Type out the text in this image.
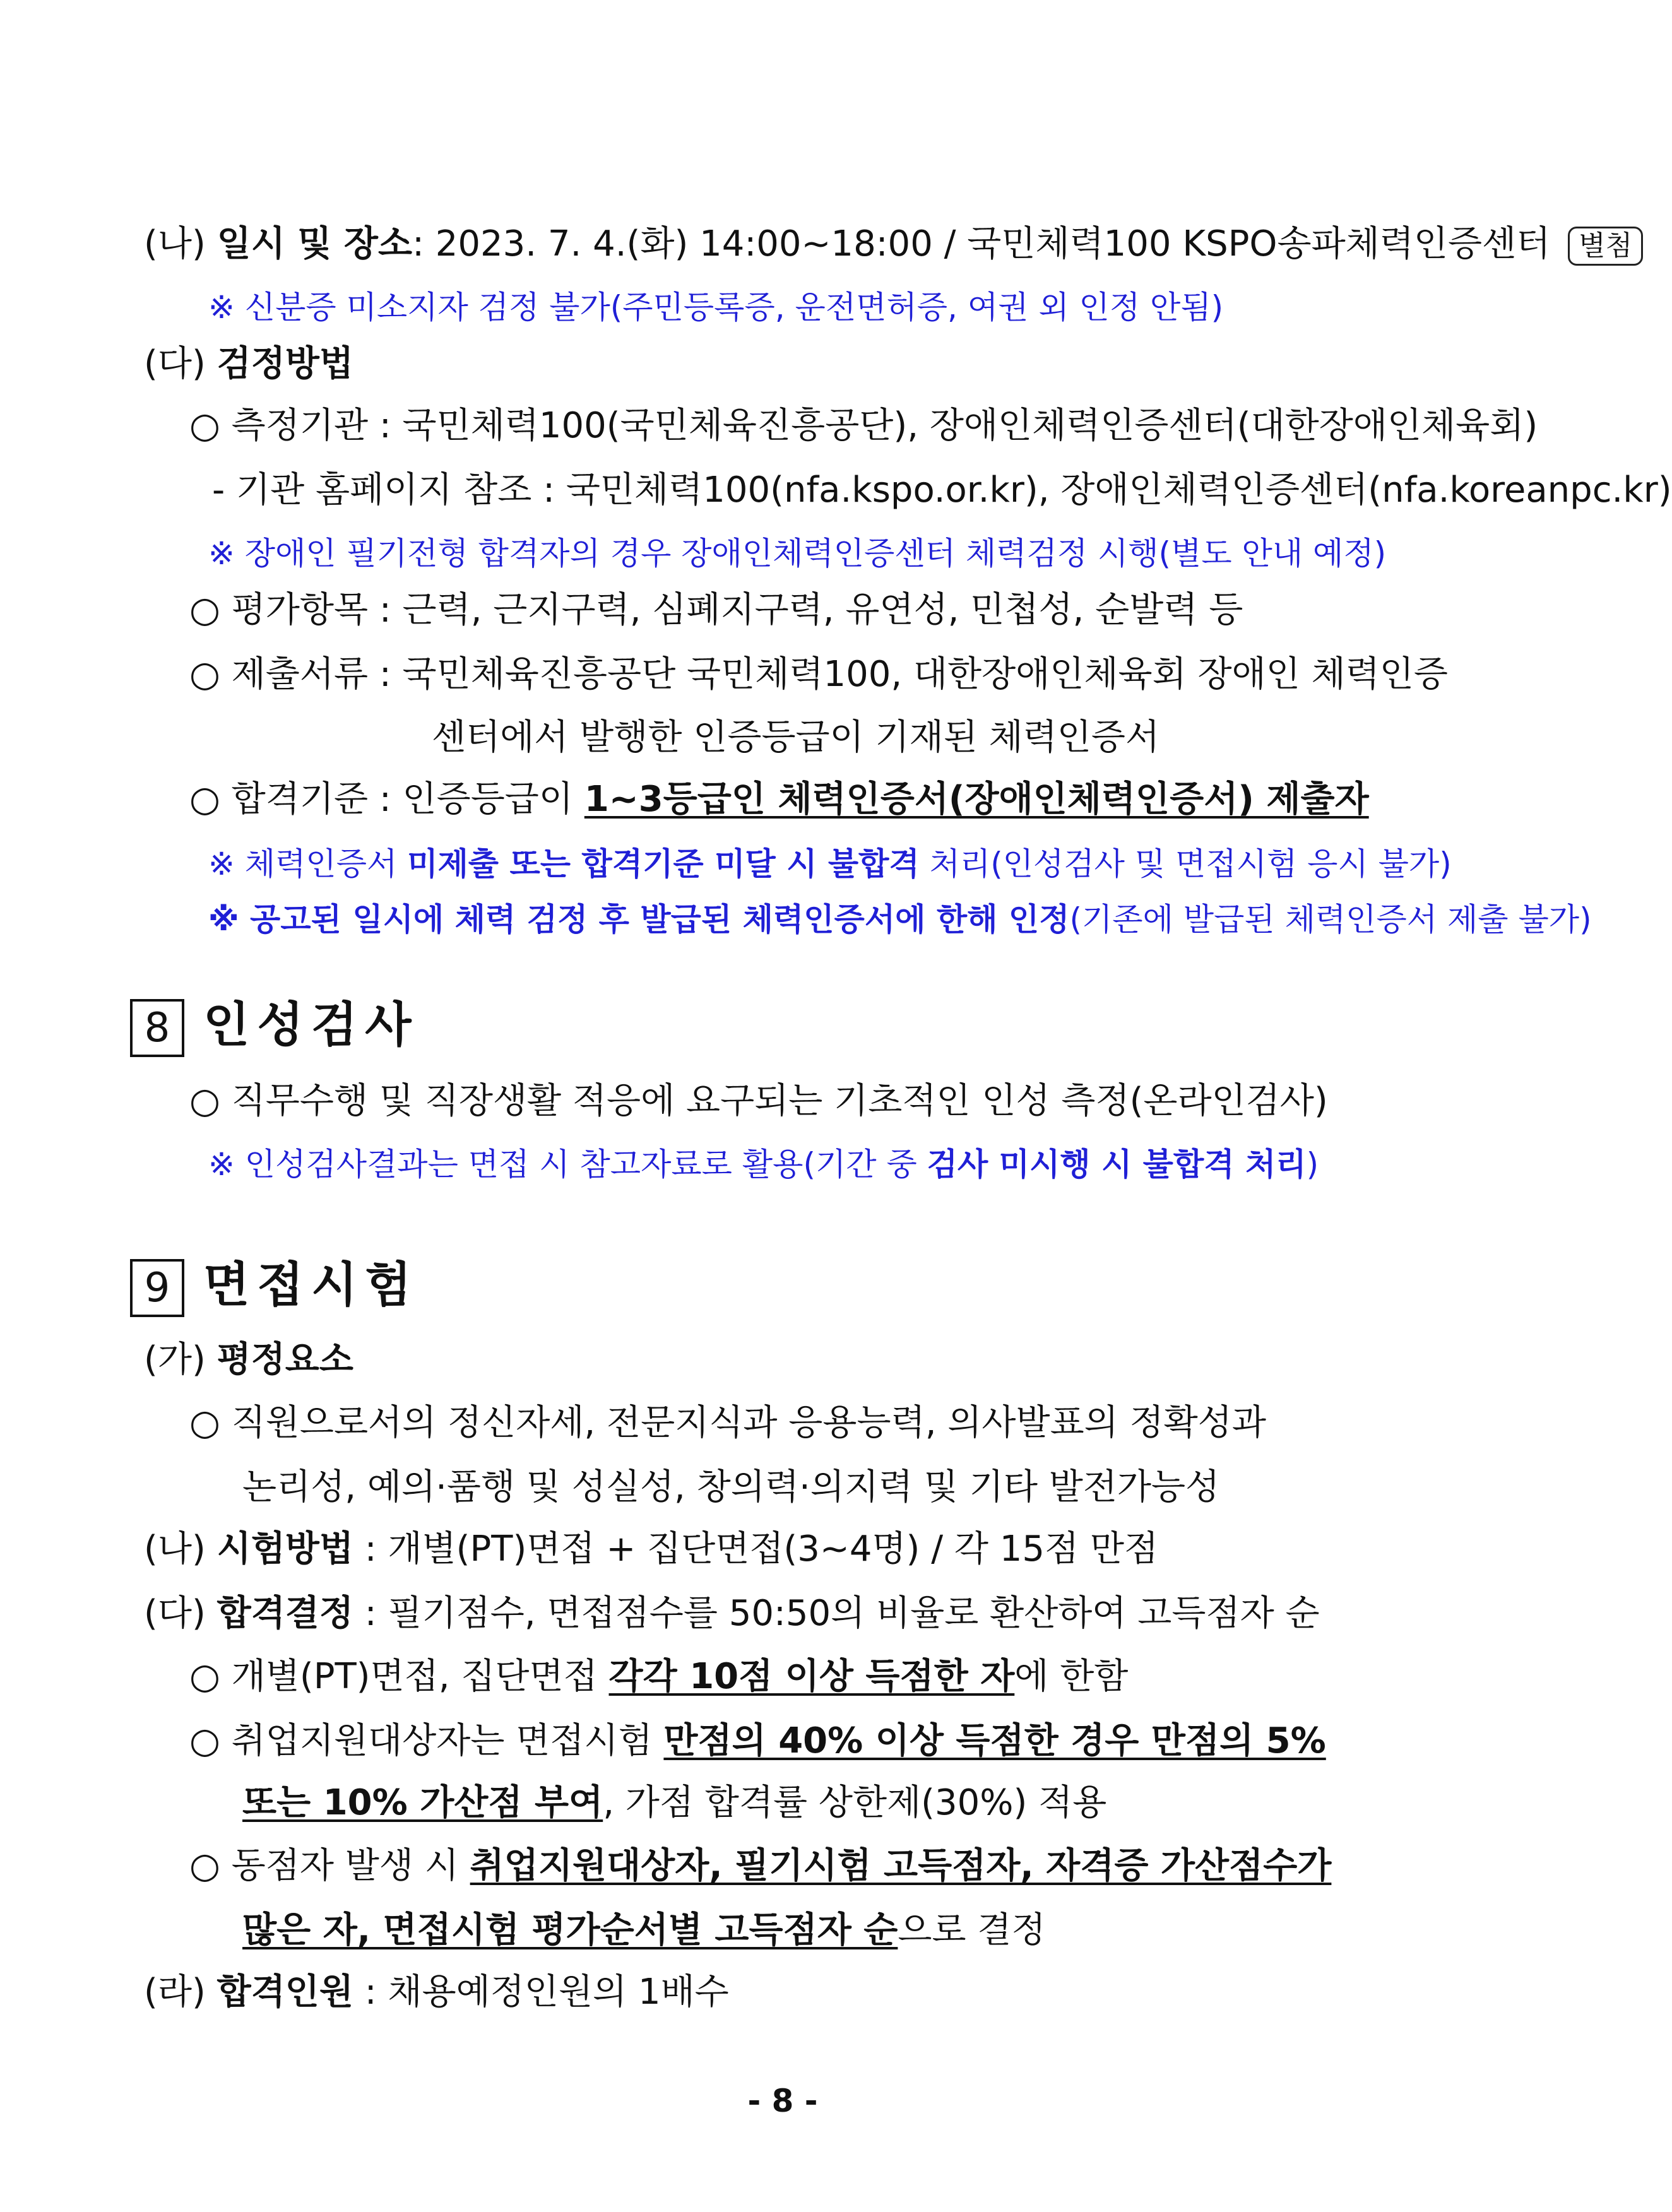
(나) 일시 및 장소: 2023. 7. 4.(화) 14:00~18:00 / 국민체력100 KSPO송파체력인증센터 별첨
※ 신분증 미소지자 검정 불가(주민등록증, 운전면허증, 여권 외 인정 안됨)
(다) 검정방법
○ 측정기관 : 국민체력100(국민체육진흥공단), 장애인체력인증센터(대한장애인체육회)
- 기관 홈페이지 참조 : 국민체력100(nfa.kspo.or.kr), 장애인체력인증센터(nfa.koreanpc.kr)
※ 장애인 필기전형 합격자의 경우 장애인체력인증센터 체력검정 시행(별도 안내 예정)
○ 평가항목 : 근력, 근지구력, 심폐지구력, 유연성, 민첩성, 순발력 등
○ 제출서류 : 국민체육진흥공단 국민체력100, 대한장애인체육회 장애인 체력인증
센터에서 발행한 인증등급이 기재된 체력인증서
○ 합격기준 : 인증등급이 1~3등급인 체력인증서(장애인체력인증서) 제출자
※ 체력인증서 미제출 또는 합격기준 미달 시 불합격 처리(인성검사 및 면접시험 응시 불가)
※ 공고된 일시에 체력 검정 후 발급된 체력인증서에 한해 인정(기존에 발급된 체력인증서 제출 불가)
8 인성검사
○ 직무수행 및 직장생활 적응에 요구되는 기초적인 인성 측정(온라인검사)
※ 인성검사결과는 면접 시 참고자료로 활용(기간 중 검사 미시행 시 불합격 처리)
9 면접시험
(가) 평정요소
○ 직원으로서의 정신자세, 전문지식과 응용능력, 의사발표의 정확성과
논리성, 예의·품행 및 성실성, 창의력·의지력 및 기타 발전가능성
(나) 시험방법 : 개별(PT)면접 + 집단면접(3~4명) / 각 15점 만점
(다) 합격결정 : 필기점수, 면접점수를 50:50의 비율로 환산하여 고득점자 순
○ 개별(PT)면접, 집단면접 각각 10점 이상 득점한 자에 한함
○ 취업지원대상자는 면접시험 만점의 40% 이상 득점한 경우 만점의 5%
또는 10% 가산점 부여, 가점 합격률 상한제(30%) 적용
○ 동점자 발생 시 취업지원대상자, 필기시험 고득점자, 자격증 가산점수가
많은 자, 면접시험 평가순서별 고득점자 순으로 결정
(라) 합격인원 : 채용예정인원의 1배수
- 8 -
